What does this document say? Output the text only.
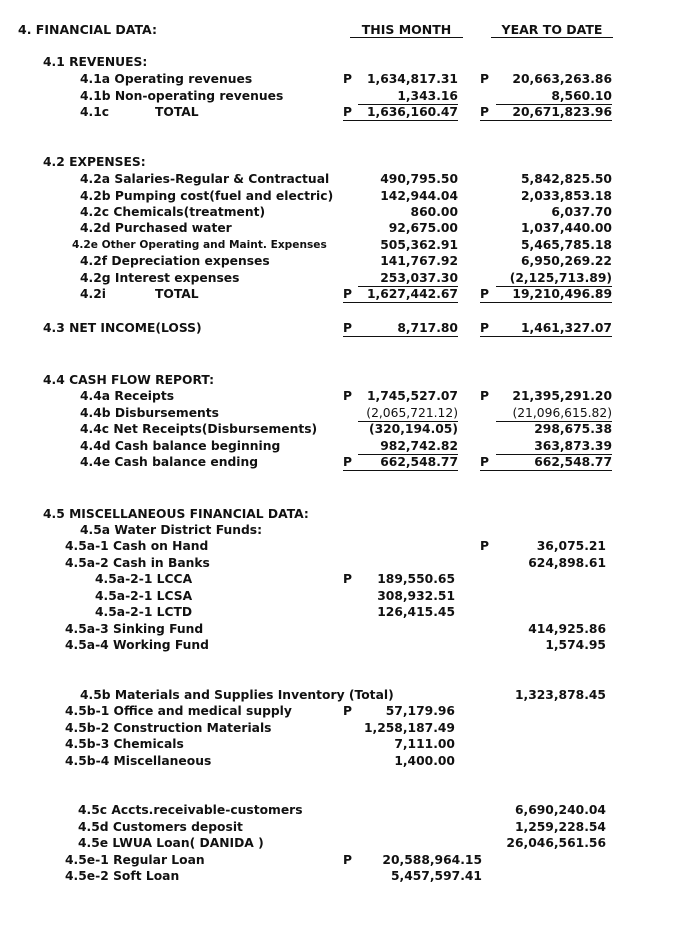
4. FINANCIAL DATA:	THIS MONTH	YEAR TO DATE
4.1 REVENUES:
4.1a Operating revenues	P	1,634,817.31 P	20,663,263.86
4.1b Non-operating revenues	1,343.16	8,560.10
4.1c	TOTAL	P	1,636,160.47 P	20,671,823.96
4.2 EXPENSES:
4.2a Salaries-Regular & Contractual	490,795.50	5,842,825.50
4.2b Pumping cost(fuel and electric)	142,944.04	2,033,853.18
4.2c Chemicals(treatment)	860.00	6,037.70
4.2d Purchased water	92,675.00	1,037,440.00
4.2e Other Operating and Maint. Expenses	505,362.91	5,465,785.18
4.2f Depreciation expenses	141,767.92	6,950,269.22
4.2g Interest expenses	253,037.30	(2,125,713.89)
4.2i	TOTAL	P	1,627,442.67 P	19,210,496.89
4.3 NET INCOME(LOSS)	P	8,717.80 P	1,461,327.07
4.4 CASH FLOW REPORT:
4.4a Receipts	P	1,745,527.07 P	21,395,291.20
4.4b Disbursements	(2,065,721.12)	(21,096,615.82)
4.4c Net Receipts(Disbursements)	(320,194.05)	298,675.38
4.4d Cash balance beginning	982,742.82	363,873.39
4.4e Cash balance ending	P	662,548.77 P	662,548.77
4.5 MISCELLANEOUS FINANCIAL DATA:
4.5a Water District Funds:
4.5a-1 Cash on Hand	P	36,075.21
4.5a-2 Cash in Banks	624,898.61
4.5a-2-1 LCCA	P	189,550.65
4.5a-2-1 LCSA	308,932.51
4.5a-2-1 LCTD	126,415.45
4.5a-3 Sinking Fund	414,925.86
4.5a-4 Working Fund	1,574.95
4.5b Materials and Supplies Inventory (Total)	1,323,878.45
4.5b-1 Office and medical supply	P	57,179.96
4.5b-2 Construction Materials	1,258,187.49
4.5b-3 Chemicals	7,111.00
4.5b-4 Miscellaneous	1,400.00
4.5c Accts.receivable-customers	6,690,240.04
4.5d Customers deposit	1,259,228.54
4.5e LWUA Loan( DANIDA )	26,046,561.56
4.5e-1 Regular Loan	P	20,588,964.15
4.5e-2 Soft Loan	5,457,597.41
